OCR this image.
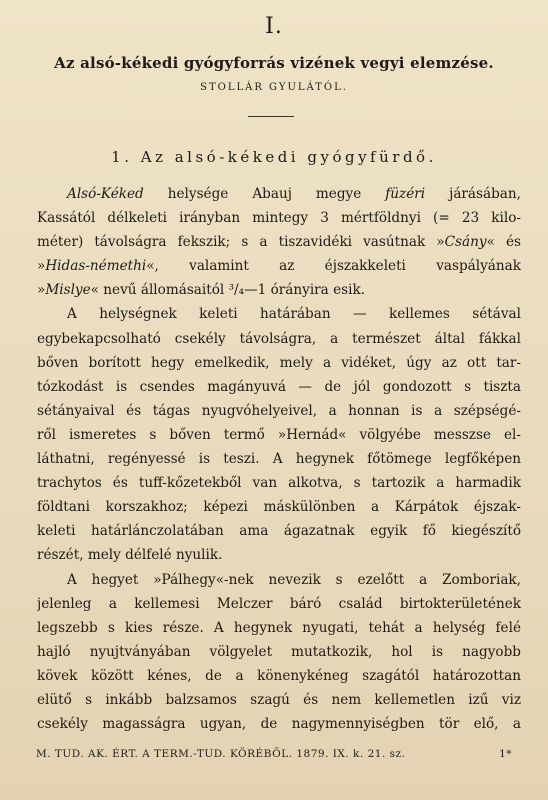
I.
Az alsó-kékedi gyógyforrás vizének vegyi elemzése.
STOLLÁR GYULÁTÓL.
1. Az alsó-kékedi gyógyfürdő.
Alsó-Kéked helysége Abauj megye füzéri járásában,
Kassától délkeleti irányban mintegy 3 mértföldnyi (= 23 kilo-
méter) távolságra fekszik; s a tiszavidéki vasútnak »Csány« és
»Hidas-némethi«, valamint az éjszakkeleti vaspályának
»Mislye« nevű állomásaitól ³/₄—1 órányira esik.
A helységnek keleti határában — kellemes sétával
egybekapcsolható csekély távolságra, a természet által fákkal
bőven borított hegy emelkedik, mely a vidéket, úgy az ott tar-
tózkodást is csendes magányuvá — de jól gondozott s tiszta
sétányaival és tágas nyugvóhelyeivel, a honnan is a szépségé-
ről ismeretes s bőven termő »Hernád« völgyébe messzse el-
láthatni, regényessé is teszi. A hegynek főtömege legfőképen
trachytos és tuff-kőzetekből van alkotva, s tartozik a harmadik
földtani korszakhoz; képezi máskülönben a Kárpátok éjszak-
keleti határlánczolatában ama ágazatnak egyik fő kiegészítő
részét, mely délfelé nyulik.
A hegyet »Pálhegy«-nek nevezik s ezelőtt a Zomboriak,
jelenleg a kellemesi Melczer báró család birtokterületének
legszebb s kies része. A hegynek nyugati, tehát a helység felé
hajló nyujtványában völgyelet mutatkozik, hol is nagyobb
kövek között kénes, de a könenykéneg szagától határozottan
elütő s inkább balzsamos szagú és nem kellemetlen izű viz
csekély magasságra ugyan, de nagymennyiségben tör elő, a
M. TUD. AK. ÉRT. A TERM.-TUD. KÖRÉBŐL. 1879. IX. k. 21. sz.	1*
